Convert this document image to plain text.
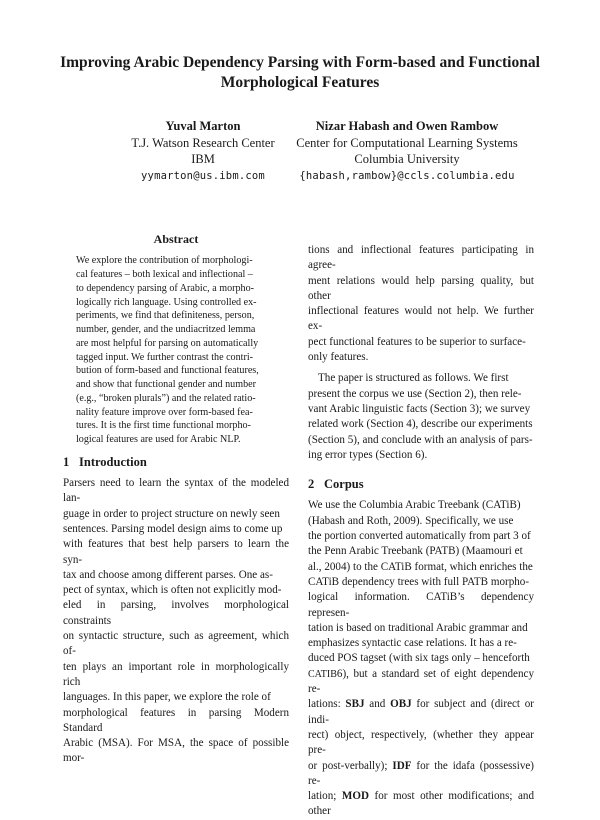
Improving Arabic Dependency Parsing with Form-based and Functional Morphological Features
Yuval Marton
T.J. Watson Research Center
IBM
yymarton@us.ibm.com
Nizar Habash and Owen Rambow
Center for Computational Learning Systems
Columbia University
{habash,rambow}@ccls.columbia.edu
Abstract
We explore the contribution of morphologi-
cal features – both lexical and inflectional –
to dependency parsing of Arabic, a morpho-
logically rich language. Using controlled ex-
periments, we find that definiteness, person,
number, gender, and the undiacritzed lemma
are most helpful for parsing on automatically
tagged input. We further contrast the contri-
bution of form-based and functional features,
and show that functional gender and number
(e.g., “broken plurals”) and the related ratio-
nality feature improve over form-based fea-
tures. It is the first time functional morpho-
logical features are used for Arabic NLP.
1 Introduction
Parsers need to learn the syntax of the modeled lan-
guage in order to project structure on newly seen
sentences. Parsing model design aims to come up
with features that best help parsers to learn the syn-
tax and choose among different parses. One as-
pect of syntax, which is often not explicitly mod-
eled in parsing, involves morphological constraints
on syntactic structure, such as agreement, which of-
ten plays an important role in morphologically rich
languages. In this paper, we explore the role of
morphological features in parsing Modern Standard
Arabic (MSA). For MSA, the space of possible mor-
tions and inflectional features participating in agree-
ment relations would help parsing quality, but other
inflectional features would not help. We further ex-
pect functional features to be superior to surface-
only features.
The paper is structured as follows. We first
present the corpus we use (Section 2), then rele-
vant Arabic linguistic facts (Section 3); we survey
related work (Section 4), describe our experiments
(Section 5), and conclude with an analysis of pars-
ing error types (Section 6).
2 Corpus
We use the Columbia Arabic Treebank (CATiB)
(Habash and Roth, 2009). Specifically, we use
the portion converted automatically from part 3 of
the Penn Arabic Treebank (PATB) (Maamouri et
al., 2004) to the CATiB format, which enriches the
CATiB dependency trees with full PATB morpho-
logical information. CATiB’s dependency represen-
tation is based on traditional Arabic grammar and
emphasizes syntactic case relations. It has a re-
duced POS tagset (with six tags only – henceforth
CATIB6), but a standard set of eight dependency re-
lations: SBJ and OBJ for subject and (direct or indi-
rect) object, respectively, (whether they appear pre-
or post-verbally); IDF for the idafa (possessive) re-
lation; MOD for most other modifications; and other
